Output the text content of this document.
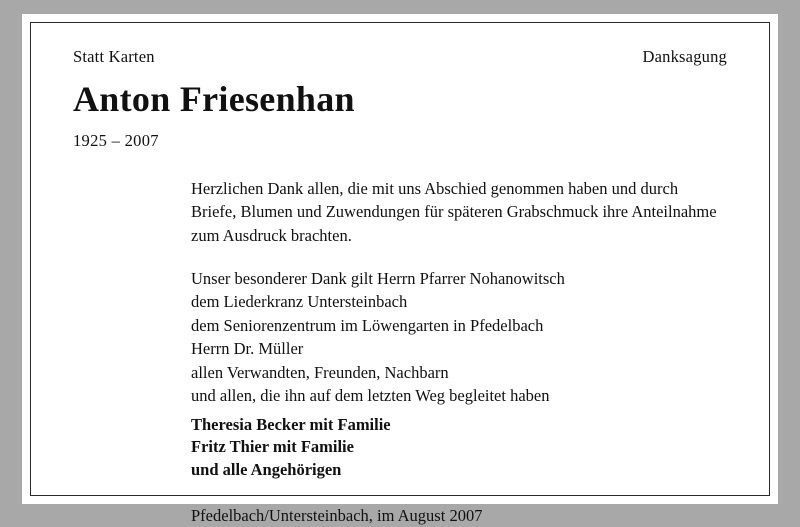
Statt Karten	Danksagung
Anton Friesenhan
1925 – 2007

Herzlichen Dank allen, die mit uns Abschied genommen haben und durch Briefe, Blumen und Zuwendungen für späteren Grabschmuck ihre Anteilnahme zum Ausdruck brachten.

Unser besonderer Dank gilt Herrn Pfarrer Nohanowitsch
dem Liederkranz Untersteinbach
dem Seniorenzentrum im Löwengarten in Pfedelbach
Herrn Dr. Müller
allen Verwandten, Freunden, Nachbarn
und allen, die ihn auf dem letzten Weg begleitet haben
Theresia Becker mit Familie
Fritz Thier mit Familie
und alle Angehörigen

Pfedelbach/Untersteinbach, im August 2007
